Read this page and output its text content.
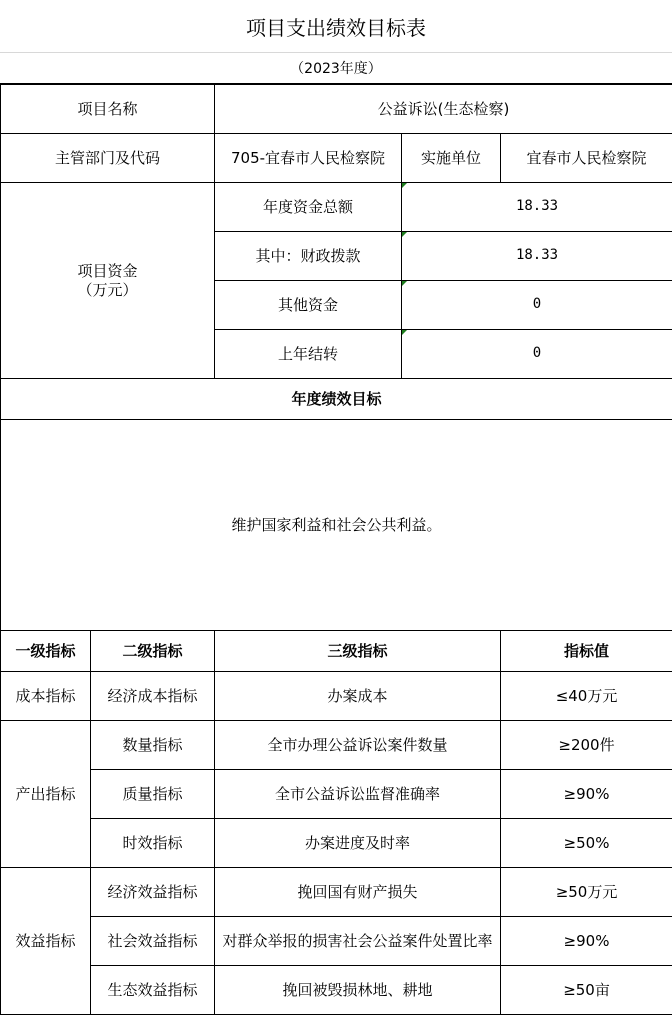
项目支出绩效目标表
（2023年度）
项目名称		公益诉讼(生态检察)		
主管部门及代码		705-宜春市人民检察院	实施单位	宜春市人民检察院

项目资金
（万元）		年度资金总额	18.33	
		其中：财政拨款	18.33	
		其他资金	0	
		上年结转	0	
年度绩效目标				
维护国家利益和社会公共利益。				
一级指标	二级指标	三级指标		指标值
成本指标	经济成本指标	办案成本		≤40万元
产出指标	数量指标	全市办理公益诉讼案件数量		≥200件
	质量指标	全市公益诉讼监督准确率		≥90%
	时效指标	办案进度及时率		≥50%
效益指标	经济效益指标	挽回国有财产损失		≥50万元
	社会效益指标	对群众举报的损害社会公益案件处置比率		≥90%
	生态效益指标	挽回被毁损林地、耕地		≥50亩
